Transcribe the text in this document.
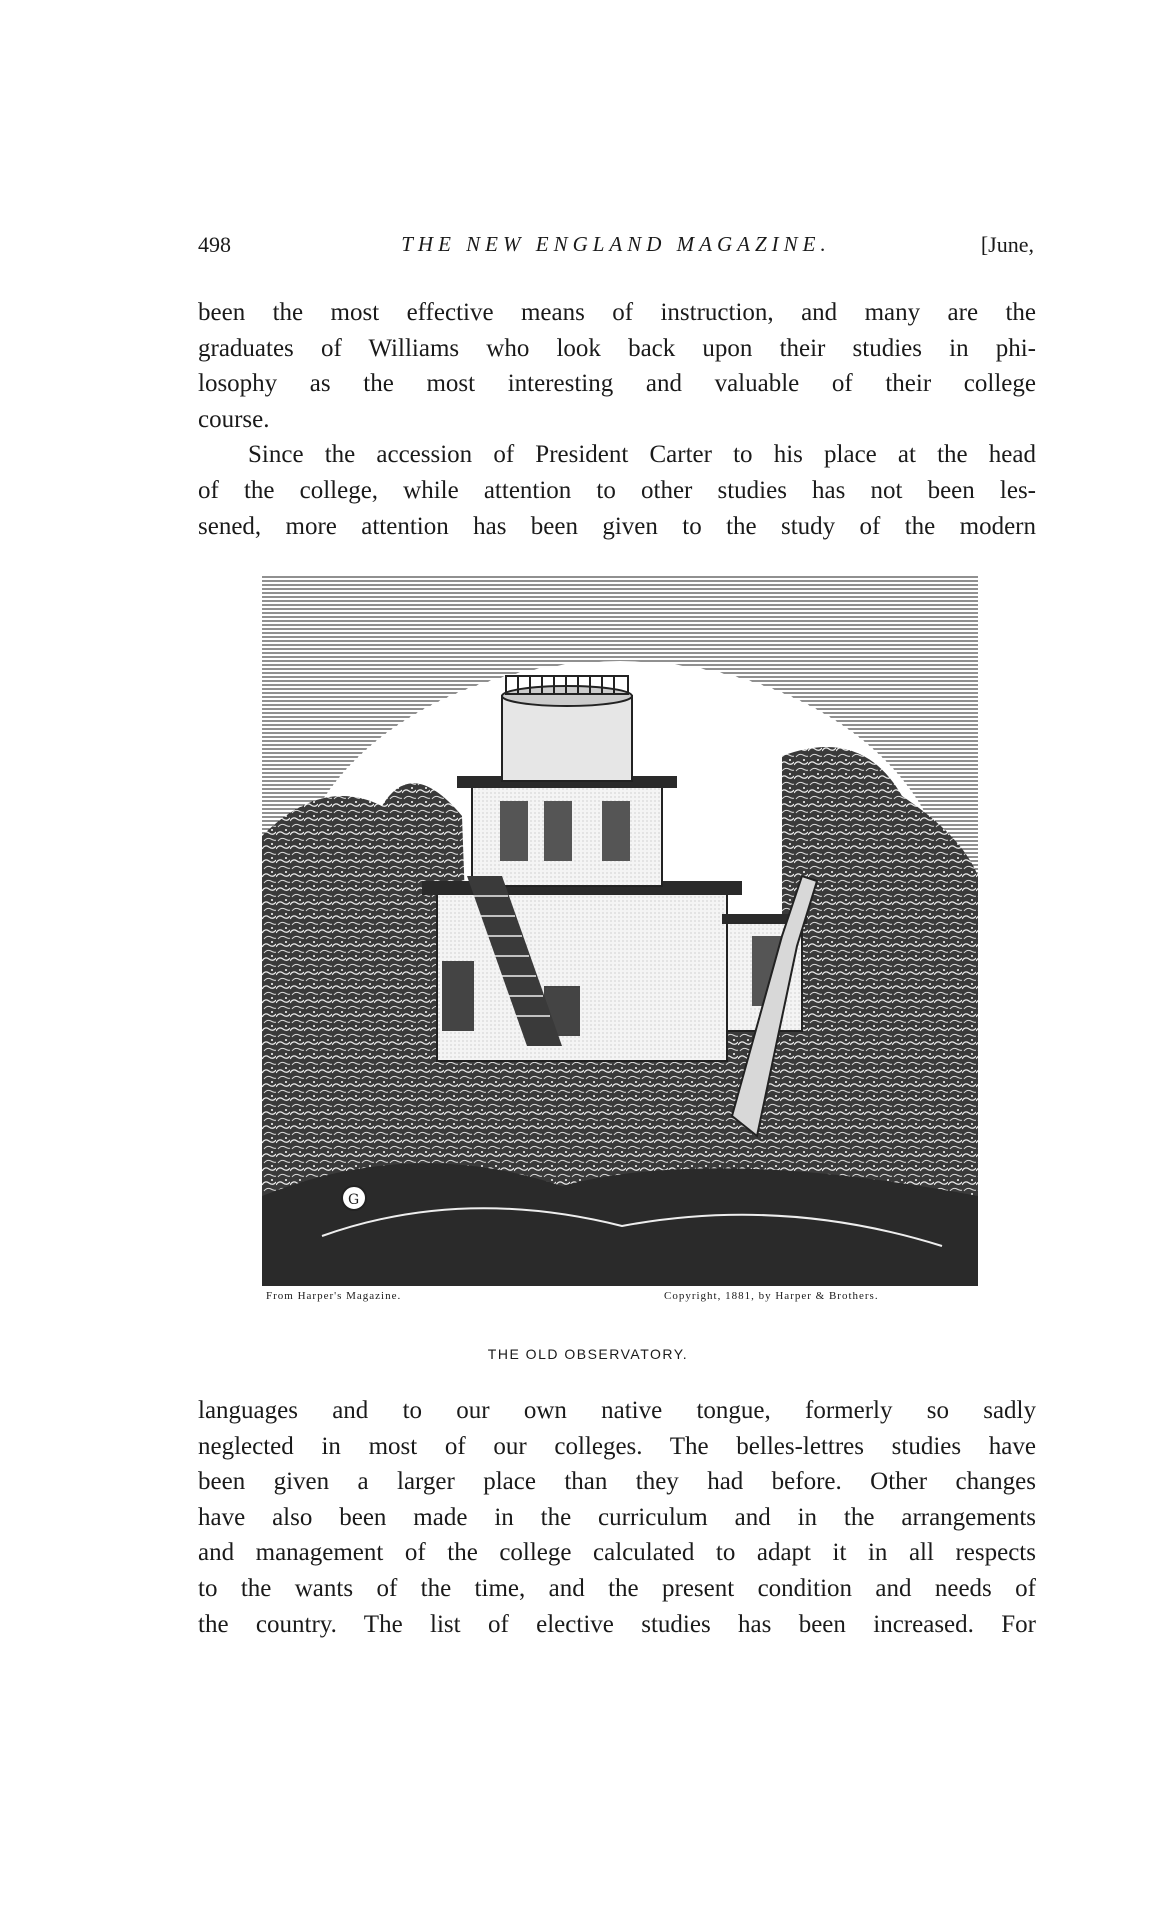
498	THE NEW ENGLAND MAGAZINE.	[June,
been the most effective means of instruction, and many are the
graduates of Williams who look back upon their studies in phi-
losophy as the most interesting and valuable of their college
course.
Since the accession of President Carter to his place at the head
of the college, while attention to other studies has not been les-
sened, more attention has been given to the study of the modern
G
From Harper's Magazine.	Copyright, 1881, by Harper & Brothers.
THE OLD OBSERVATORY.
languages and to our own native tongue, formerly so sadly
neglected in most of our colleges. The belles-lettres studies have
been given a larger place than they had before. Other changes
have also been made in the curriculum and in the arrangements
and management of the college calculated to adapt it in all respects
to the wants of the time, and the present condition and needs of
the country. The list of elective studies has been increased. For
